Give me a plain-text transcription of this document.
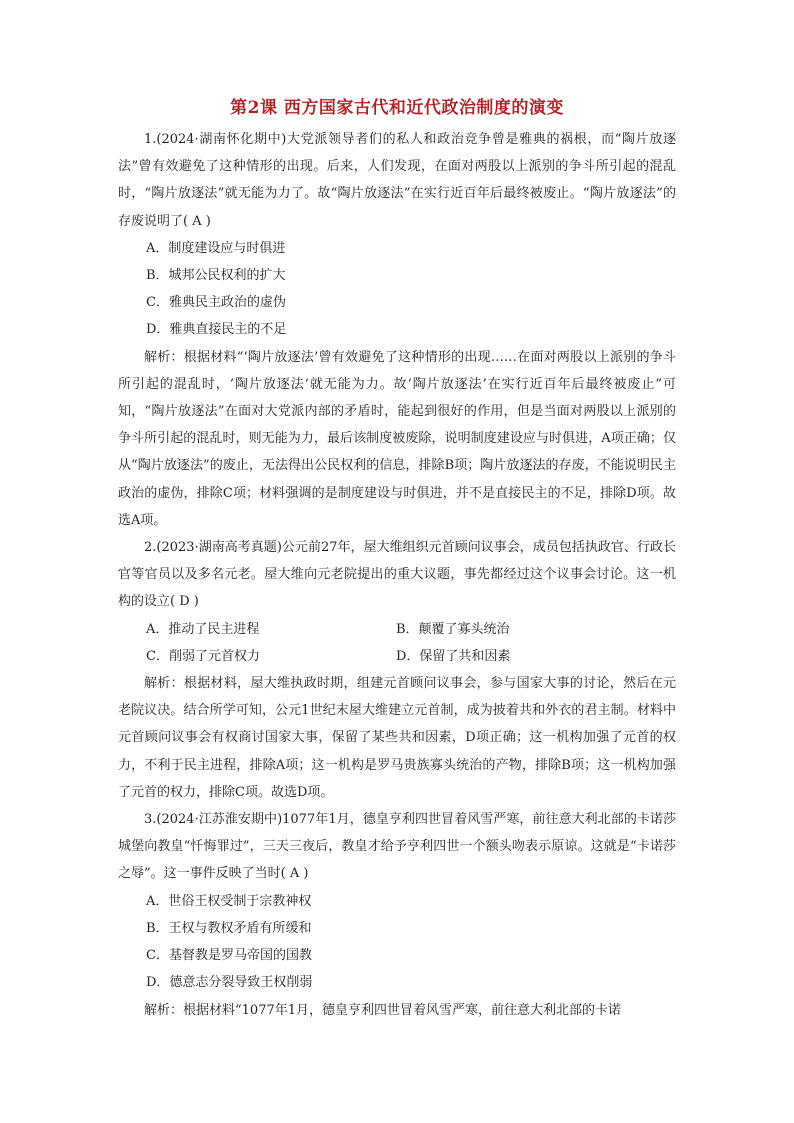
第2课 西方国家古代和近代政治制度的演变

1.(2024·湖南怀化期中)大党派领导者们的私人和政治竞争曾是雅典的祸根，而“陶片放逐法”曾有效避免了这种情形的出现。后来，人们发现，在面对两股以上派别的争斗所引起的混乱时，“陶片放逐法”就无能为力了。故“陶片放逐法”在实行近百年后最终被废止。“陶片放逐法”的存废说明了( A )

A．制度建设应与时俱进

B．城邦公民权利的扩大

C．雅典民主政治的虚伪

D．雅典直接民主的不足

解析：根据材料“‘陶片放逐法’曾有效避免了这种情形的出现……在面对两股以上派别的争斗所引起的混乱时，‘陶片放逐法’就无能为力。故‘陶片放逐法’在实行近百年后最终被废止”可知，“陶片放逐法”在面对大党派内部的矛盾时，能起到很好的作用，但是当面对两股以上派别的争斗所引起的混乱时，则无能为力，最后该制度被废除，说明制度建设应与时俱进，A项正确；仅从“陶片放逐法”的废止，无法得出公民权利的信息，排除B项；陶片放逐法的存废，不能说明民主政治的虚伪，排除C项；材料强调的是制度建设与时俱进，并不是直接民主的不足，排除D项。故选A项。

2.(2023·湖南高考真题)公元前27年，屋大维组织元首顾问议事会，成员包括执政官、行政长官等官员以及多名元老。屋大维向元老院提出的重大议题，事先都经过这个议事会讨论。这一机构的设立( D )

A．推动了民主进程	B．颠覆了寡头统治
C．削弱了元首权力	D．保留了共和因素

解析：根据材料，屋大维执政时期，组建元首顾问议事会，参与国家大事的讨论，然后在元老院议决。结合所学可知，公元1世纪末屋大维建立元首制，成为披着共和外衣的君主制。材料中元首顾问议事会有权商讨国家大事，保留了某些共和因素，D项正确；这一机构加强了元首的权力，不利于民主进程，排除A项；这一机构是罗马贵族寡头统治的产物，排除B项；这一机构加强了元首的权力，排除C项。故选D项。

3.(2024·江苏淮安期中)1077年1月，德皇亨利四世冒着风雪严寒，前往意大利北部的卡诺莎城堡向教皇“忏悔罪过”，三天三夜后，教皇才给予亨利四世一个额头吻表示原谅。这就是“卡诺莎之辱”。这一事件反映了当时( A )

A．世俗王权受制于宗教神权

B．王权与教权矛盾有所缓和

C．基督教是罗马帝国的国教

D．德意志分裂导致王权削弱

解析：根据材料“1077年1月，德皇亨利四世冒着风雪严寒，前往意大利北部的卡诺
